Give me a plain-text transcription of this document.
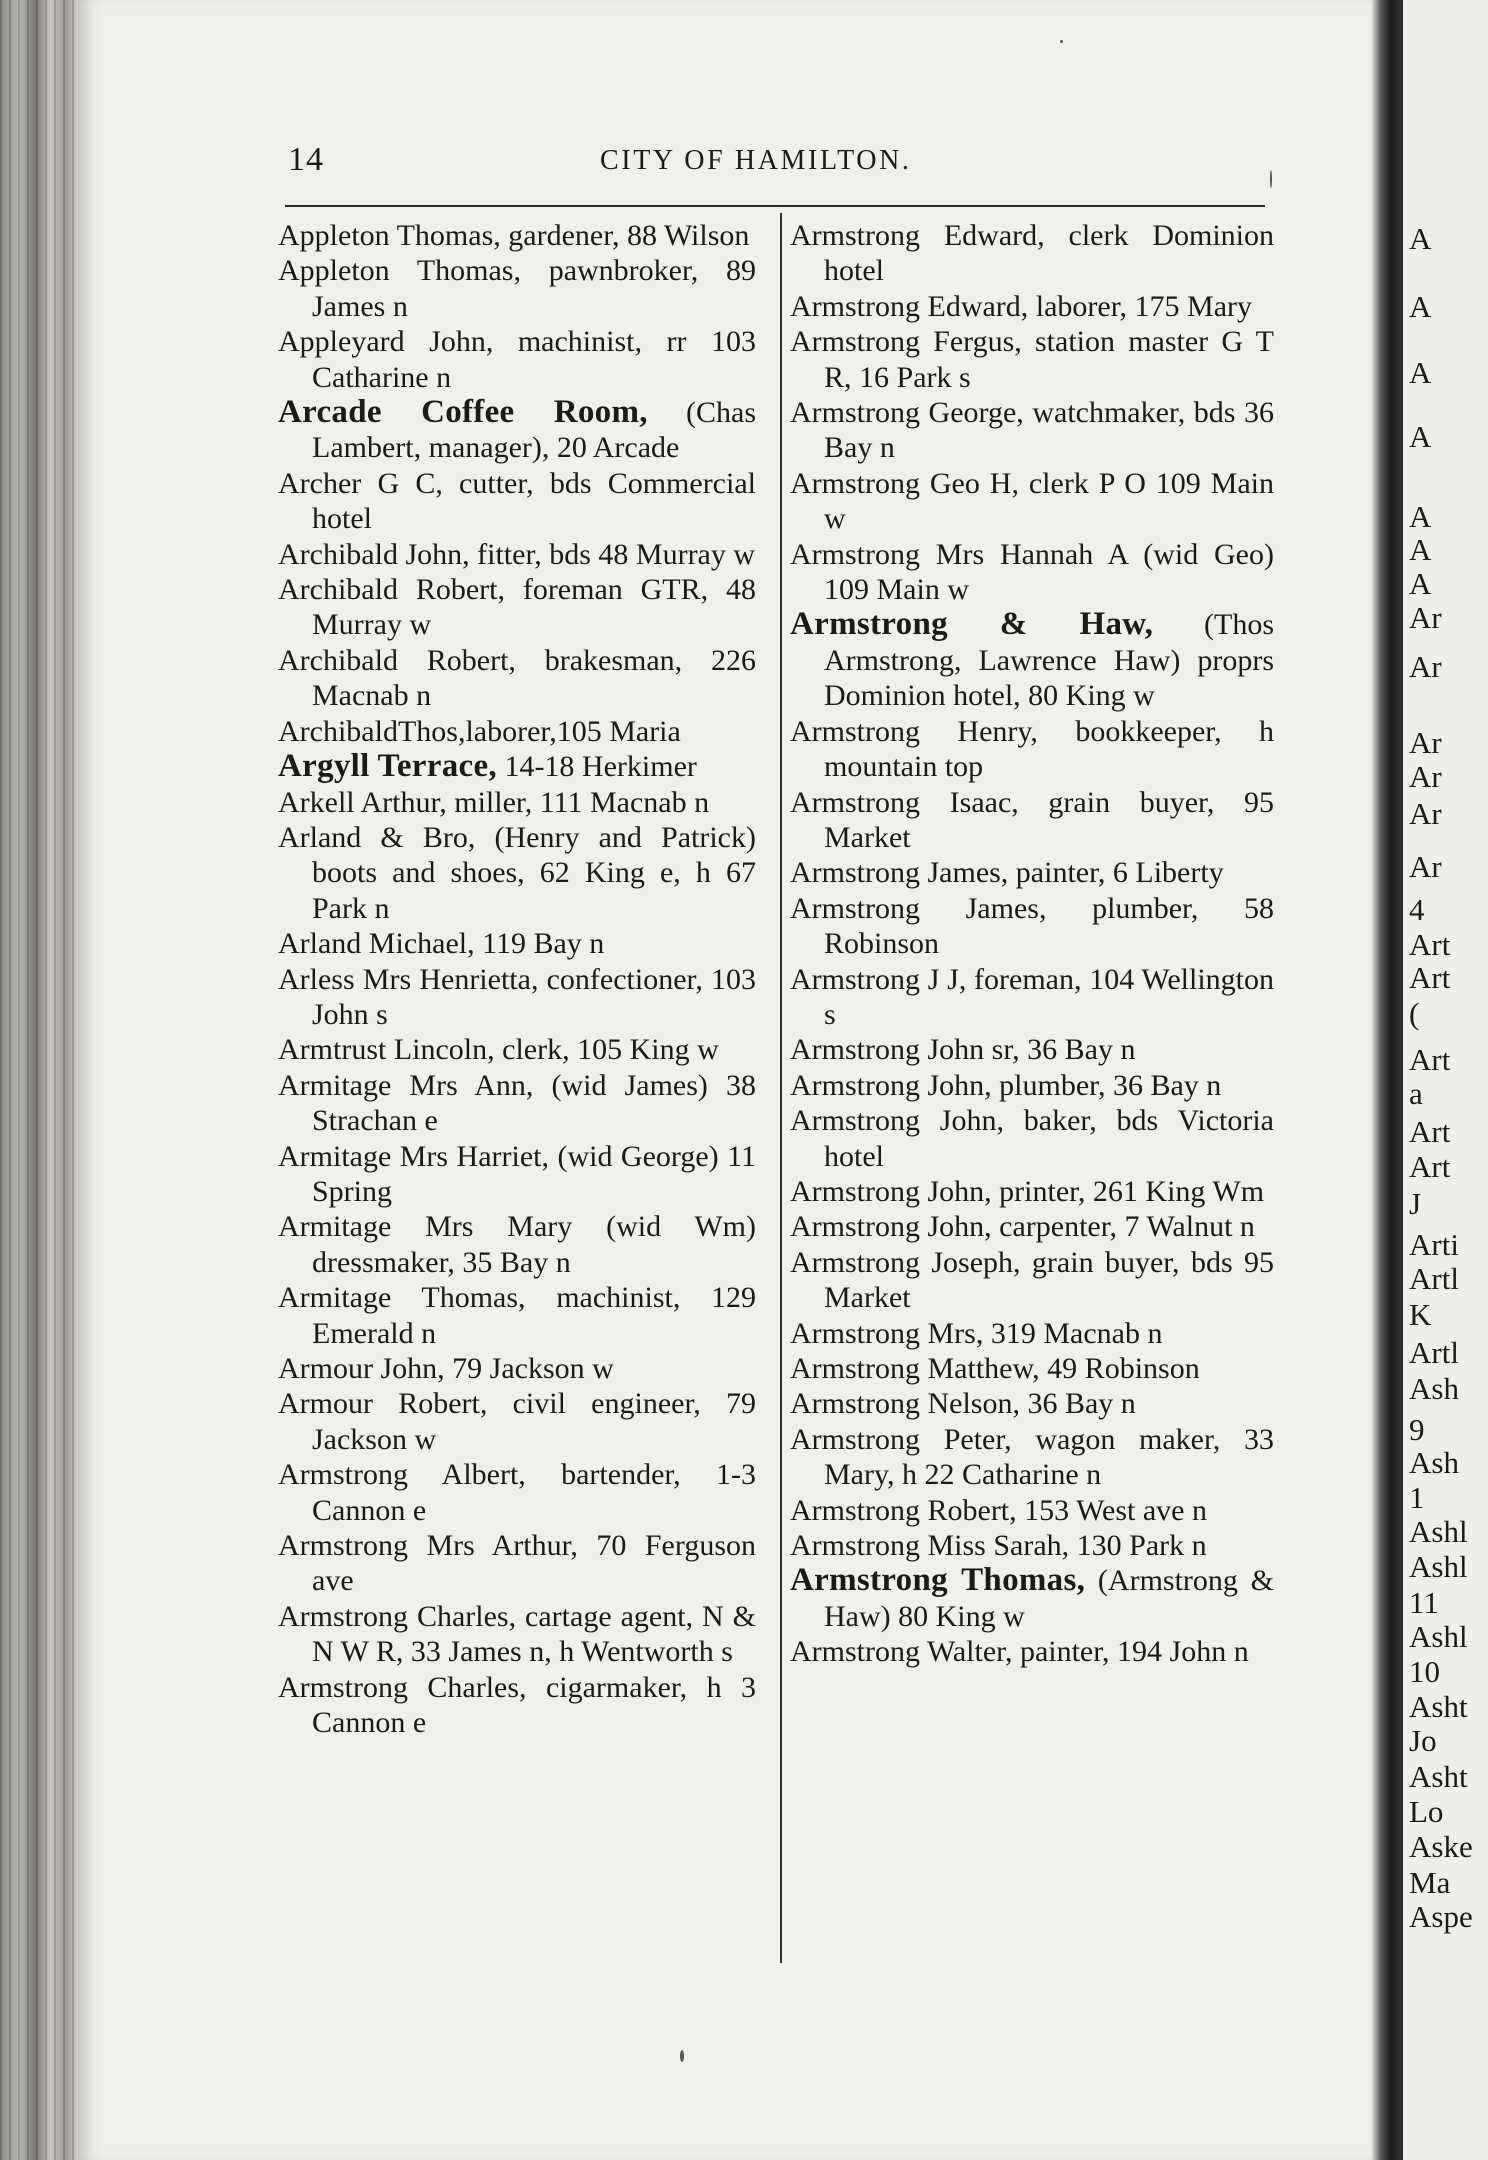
A
A
A
A
A
A
A
Ar
Ar
Ar
Ar
Ar
Ar
4
Art
Art
(
Art
a
Art
Art
J
Arti
Artl
K
Artl
Ash
9
Ash
1
Ashl
Ashl
11
Ashl
10
Asht
Jo
Asht
Lo
Aske
Ma
Aspe
14	CITY OF HAMILTON.

Appleton Thomas, gardener, 88 Wilson

Appleton Thomas, pawnbroker, 89 James n

Appleyard John, machinist, rr 103 Catharine n

Arcade Coffee Room, (Chas Lambert, manager), 20 Arcade

Archer G C, cutter, bds Commercial hotel

Archibald John, fitter, bds 48 Murray w

Archibald Robert, foreman GTR, 48 Murray w

Archibald Robert, brakesman, 226 Macnab n

ArchibaldThos,laborer,105 Maria

Argyll Terrace, 14-18 Herkimer

Arkell Arthur, miller, 111 Macnab n

Arland & Bro, (Henry and Patrick) boots and shoes, 62 King e, h 67 Park n

Arland Michael, 119 Bay n

Arless Mrs Henrietta, confectioner, 103 John s

Armtrust Lincoln, clerk, 105 King w

Armitage Mrs Ann, (wid James) 38 Strachan e

Armitage Mrs Harriet, (wid George) 11 Spring

Armitage Mrs Mary (wid Wm) dressmaker, 35 Bay n

Armitage Thomas, machinist, 129 Emerald n

Armour John, 79 Jackson w

Armour Robert, civil engineer, 79 Jackson w

Armstrong Albert, bartender, 1-3 Cannon e

Armstrong Mrs Arthur, 70 Ferguson ave

Armstrong Charles, cartage agent, N & N W R, 33 James n, h Wentworth s

Armstrong Charles, cigarmaker, h 3 Cannon e

Armstrong Edward, clerk Dominion hotel

Armstrong Edward, laborer, 175 Mary

Armstrong Fergus, station master G T R, 16 Park s

Armstrong George, watchmaker, bds 36 Bay n

Armstrong Geo H, clerk P O 109 Main w

Armstrong Mrs Hannah A (wid Geo) 109 Main w

Armstrong & Haw, (Thos Armstrong, Lawrence Haw) proprs Dominion hotel, 80 King w

Armstrong Henry, bookkeeper, h mountain top

Armstrong Isaac, grain buyer, 95 Market

Armstrong James, painter, 6 Liberty

Armstrong James, plumber, 58 Robinson

Armstrong J J, foreman, 104 Wellington s

Armstrong John sr, 36 Bay n

Armstrong John, plumber, 36 Bay n

Armstrong John, baker, bds Victoria hotel

Armstrong John, printer, 261 King Wm

Armstrong John, carpenter, 7 Walnut n

Armstrong Joseph, grain buyer, bds 95 Market

Armstrong Mrs, 319 Macnab n

Armstrong Matthew, 49 Robinson

Armstrong Nelson, 36 Bay n

Armstrong Peter, wagon maker, 33 Mary, h 22 Catharine n

Armstrong Robert, 153 West ave n

Armstrong Miss Sarah, 130 Park n

Armstrong Thomas, (Armstrong & Haw) 80 King w

Armstrong Walter, painter, 194 John n
